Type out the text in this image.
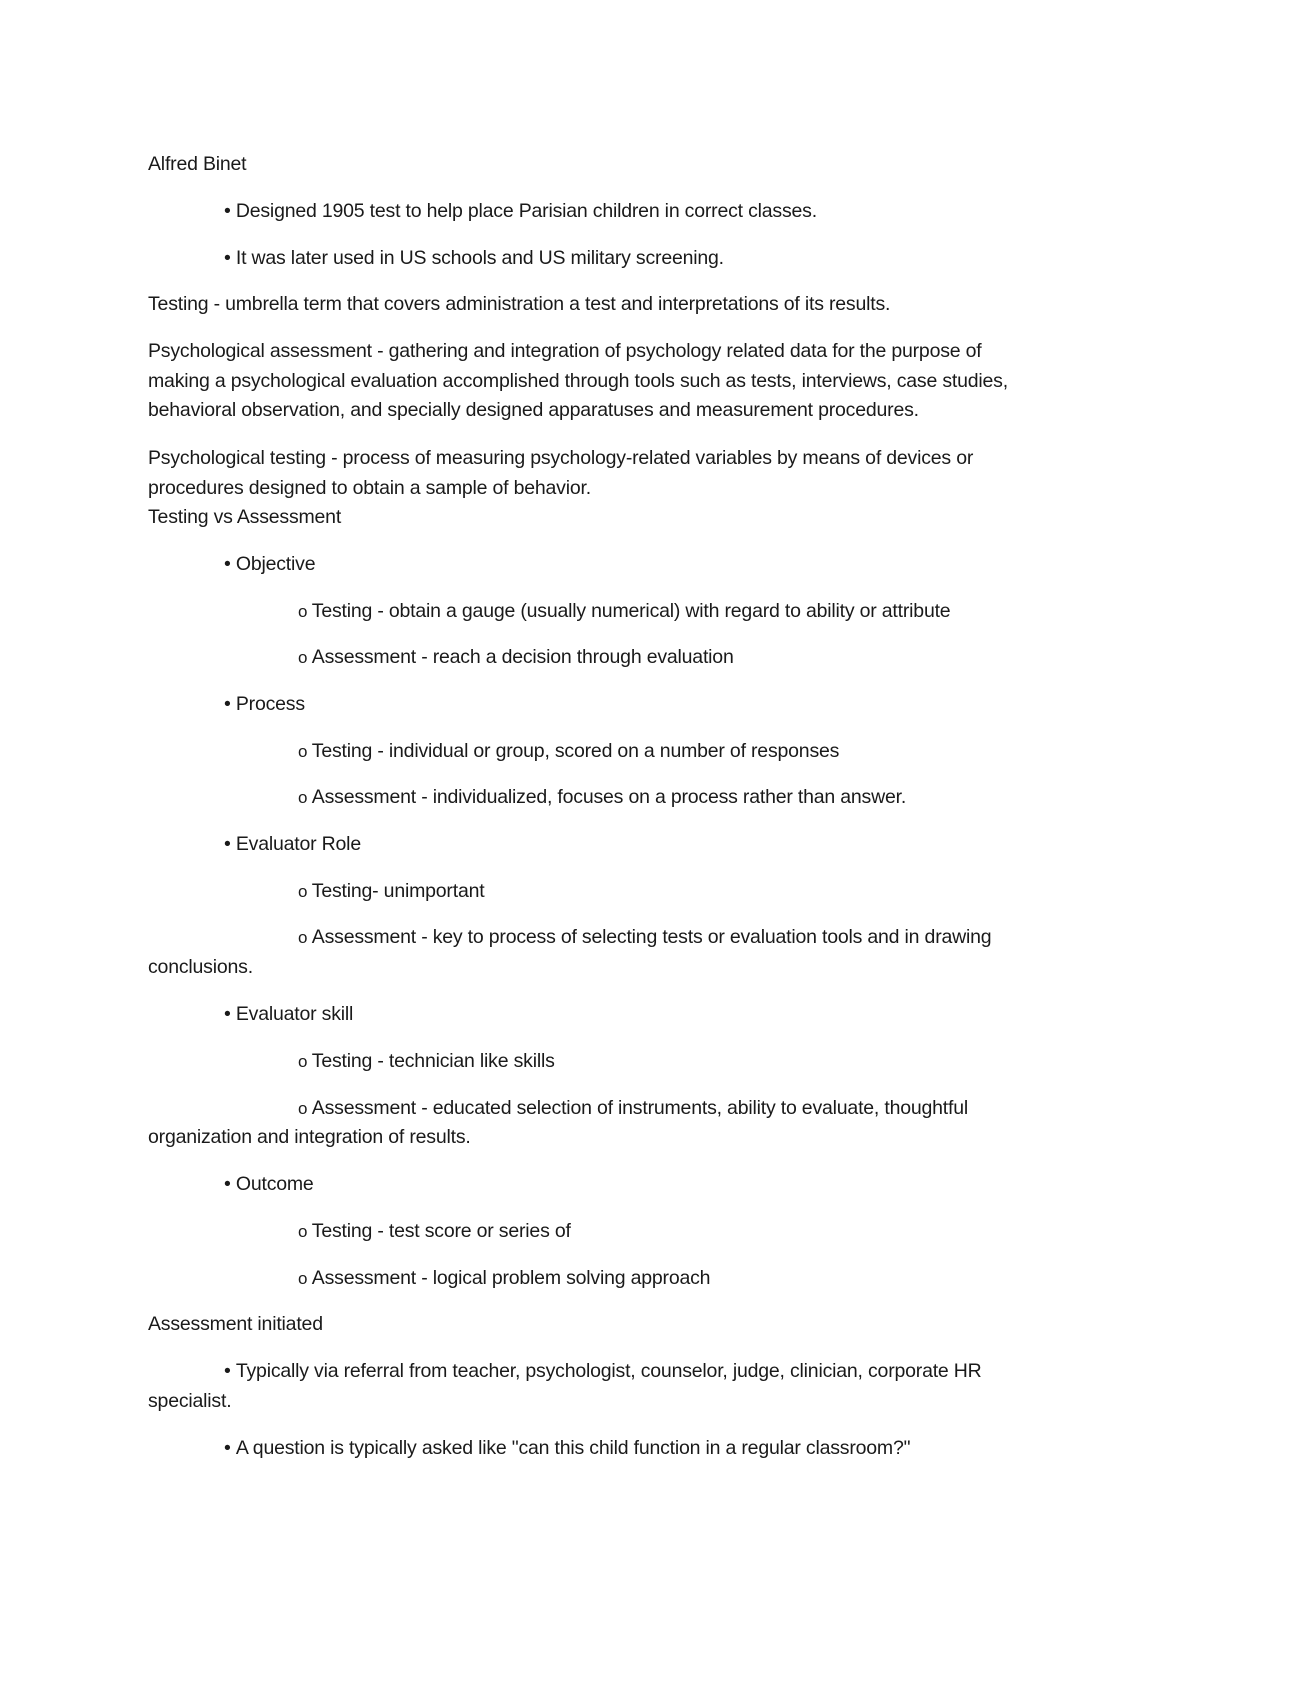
Alfred Binet
• Designed 1905 test to help place Parisian children in correct classes.
• It was later used in US schools and US military screening.
Testing - umbrella term that covers administration a test and interpretations of its results.
Psychological assessment - gathering and integration of psychology related data for the purpose of
making a psychological evaluation accomplished through tools such as tests, interviews, case studies,
behavioral observation, and specially designed apparatuses and measurement procedures.
Psychological testing - process of measuring psychology-related variables by means of devices or
procedures designed to obtain a sample of behavior.
Testing vs Assessment
• Objective
o Testing - obtain a gauge (usually numerical) with regard to ability or attribute
o Assessment - reach a decision through evaluation
• Process
o Testing - individual or group, scored on a number of responses
o Assessment - individualized, focuses on a process rather than answer.
• Evaluator Role
o Testing- unimportant
o Assessment - key to process of selecting tests or evaluation tools and in drawing
conclusions.
• Evaluator skill
o Testing - technician like skills
o Assessment - educated selection of instruments, ability to evaluate, thoughtful
organization and integration of results.
• Outcome
o Testing - test score or series of
o Assessment - logical problem solving approach
Assessment initiated
• Typically via referral from teacher, psychologist, counselor, judge, clinician, corporate HR
specialist.
• A question is typically asked like "can this child function in a regular classroom?"
